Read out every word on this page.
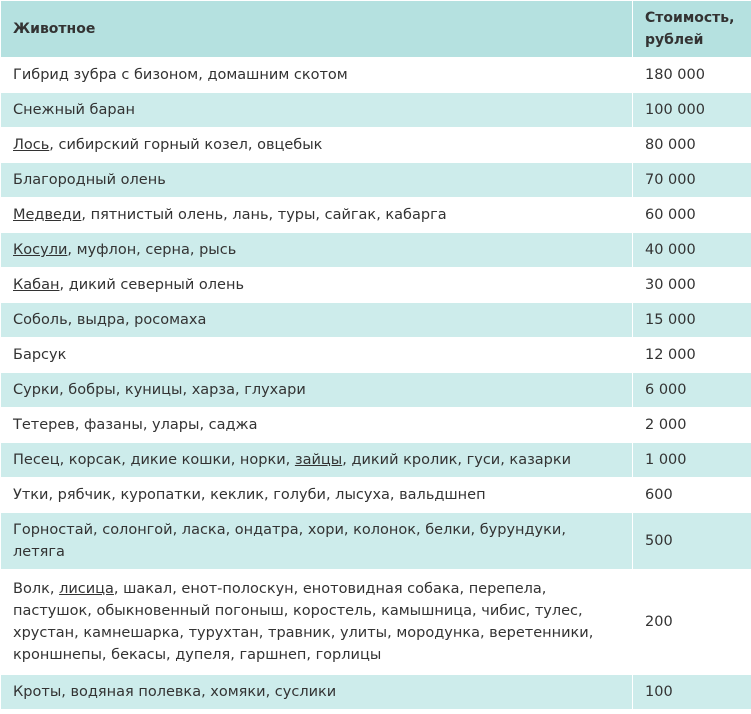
Животное	Стоимость, рублей
Гибрид зубра с бизоном, домашним скотом	180 000
Снежный баран	100 000
Лось, сибирский горный козел, овцебык	80 000
Благородный олень	70 000
Медведи, пятнистый олень, лань, туры, сайгак, кабарга	60 000
Косули, муфлон, серна, рысь	40 000
Кабан, дикий северный олень	30 000
Соболь, выдра, росомаха	15 000
Барсук	12 000
Сурки, бобры, куницы, харза, глухари	6 000
Тетерев, фазаны, улары, саджа	2 000
Песец, корсак, дикие кошки, норки, зайцы, дикий кролик, гуси, казарки	1 000
Утки, рябчик, куропатки, кеклик, голуби, лысуха, вальдшнеп	600
Горностай, солонгой, ласка, ондатра, хори, колонок, белки, бурундуки, летяга	500
Волк, лисица, шакал, енот-полоскун, енотовидная собака, перепела, пастушок, обыкновенный погоныш, коростель, камышница, чибис, тулес, хрустан, камнешарка, турухтан, травник, улиты, мородунка, веретенники, кроншнепы, бекасы, дупеля, гаршнеп, горлицы	200
Кроты, водяная полевка, хомяки, суслики	100
